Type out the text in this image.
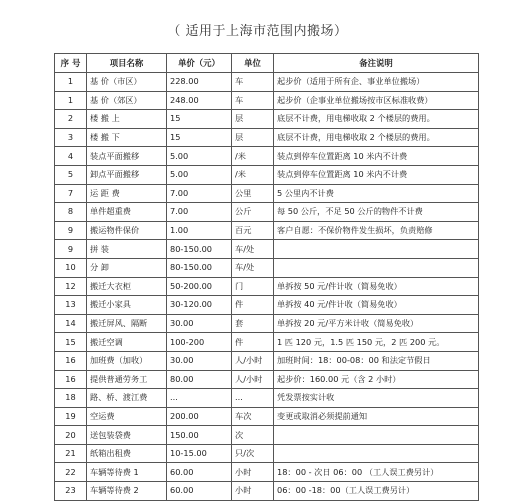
（ 适用于上海市范围内搬场）
序 号	项目名称	单价（元）	单位	备注说明
1	基 价（市区）	228.00	车	起步价（适用于所有企、事业单位搬场）
1	基 价（郊区）	248.00	车	起步价（企事业单位搬场按市区标准收费）
2	楼 搬 上	15	层	底层不计费，用电梯收取 2 个楼层的费用。
3	楼 搬 下	15	层	底层不计费，用电梯收取 2 个楼层的费用。
4	装点平面搬移	5.00	/米	装点到停车位置距离 10 米内不计费
5	卸点平面搬移	5.00	/米	装点到停车位置距离 10 米内不计费
7	运 距 费	7.00	公里	5 公里内不计费
8	单件超重费	7.00	公斤	每 50 公斤，不足 50 公斤的物件不计费
9	搬运物件保价	1.00	百元	客户自愿：不保价物件发生损坏，负责赔修
9	拼 装	80-150.00	车/处	
10	分 卸	80-150.00	车/处	
12	搬迁大衣柜	50-200.00	门	单拆按 50 元/件计收（简易免收）
13	搬迁小家具	30-120.00	件	单拆按 40 元/件计收（简易免收）
14	搬迁屏风、隔断	30.00	套	单拆按 20 元/平方米计收（简易免收）
15	搬迁空调	100-200	件	1 匹 120 元，1.5 匹 150 元，2 匹 200 元。
16	加班费（加收）	30.00	人/小时	加班时间：18：00-08：00 和法定节假日
16	提供普通劳务工	80.00	人/小时	起步价：160.00 元（含 2 小时）
18	路、桥、渡江费	...	...	凭发票按实计收
19	空运费	200.00	车次	变更或取消必须提前通知
20	送包装袋费	150.00	次	
21	纸箱出租费	10-15.00	只/次	
22	车辆等待费 1	60.00	小时	18：00 - 次日 06：00 （工人误工费另计）
23	车辆等待费 2	60.00	小时	06：00 -18：00（工人误工费另计）
